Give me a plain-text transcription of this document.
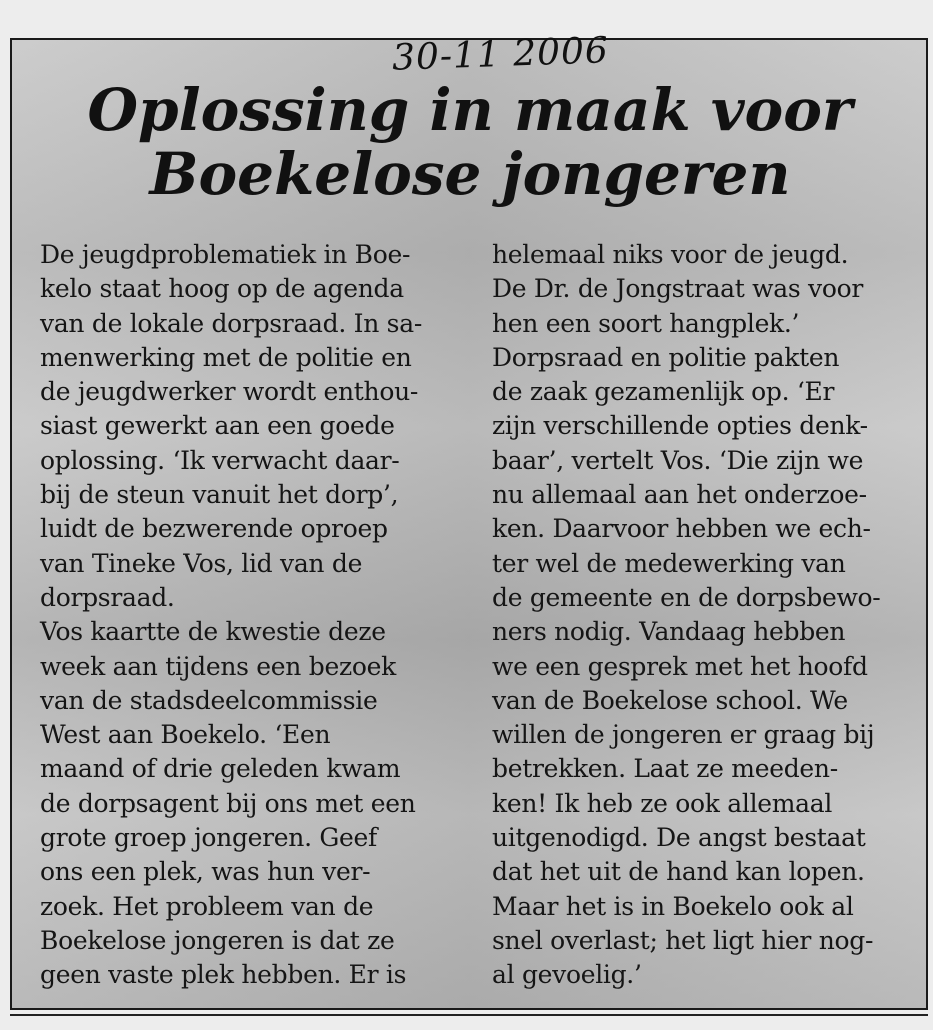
30-11 2006
Oplossing in maak voor
Boekelose jongeren
De jeugdproblematiek in Boe-
kelo staat hoog op de agenda
van de lokale dorpsraad. In sa-
menwerking met de politie en
de jeugdwerker wordt enthou-
siast gewerkt aan een goede
oplossing. ‘Ik verwacht daar-
bij de steun vanuit het dorp’,
luidt de bezwerende oproep
van Tineke Vos, lid van de
dorpsraad.
Vos kaartte de kwestie deze
week aan tijdens een bezoek
van de stadsdeelcommissie
West aan Boekelo. ‘Een
maand of drie geleden kwam
de dorpsagent bij ons met een
grote groep jongeren. Geef
ons een plek, was hun ver-
zoek. Het probleem van de
Boekelose jongeren is dat ze
geen vaste plek hebben. Er is
helemaal niks voor de jeugd.
De Dr. de Jongstraat was voor
hen een soort hangplek.’
Dorpsraad en politie pakten
de zaak gezamenlijk op. ‘Er
zijn verschillende opties denk-
baar’, vertelt Vos. ‘Die zijn we
nu allemaal aan het onderzoe-
ken. Daarvoor hebben we ech-
ter wel de medewerking van
de gemeente en de dorpsbewo-
ners nodig. Vandaag hebben
we een gesprek met het hoofd
van de Boekelose school. We
willen de jongeren er graag bij
betrekken. Laat ze meeden-
ken! Ik heb ze ook allemaal
uitgenodigd. De angst bestaat
dat het uit de hand kan lopen.
Maar het is in Boekelo ook al
snel overlast; het ligt hier nog-
al gevoelig.’
